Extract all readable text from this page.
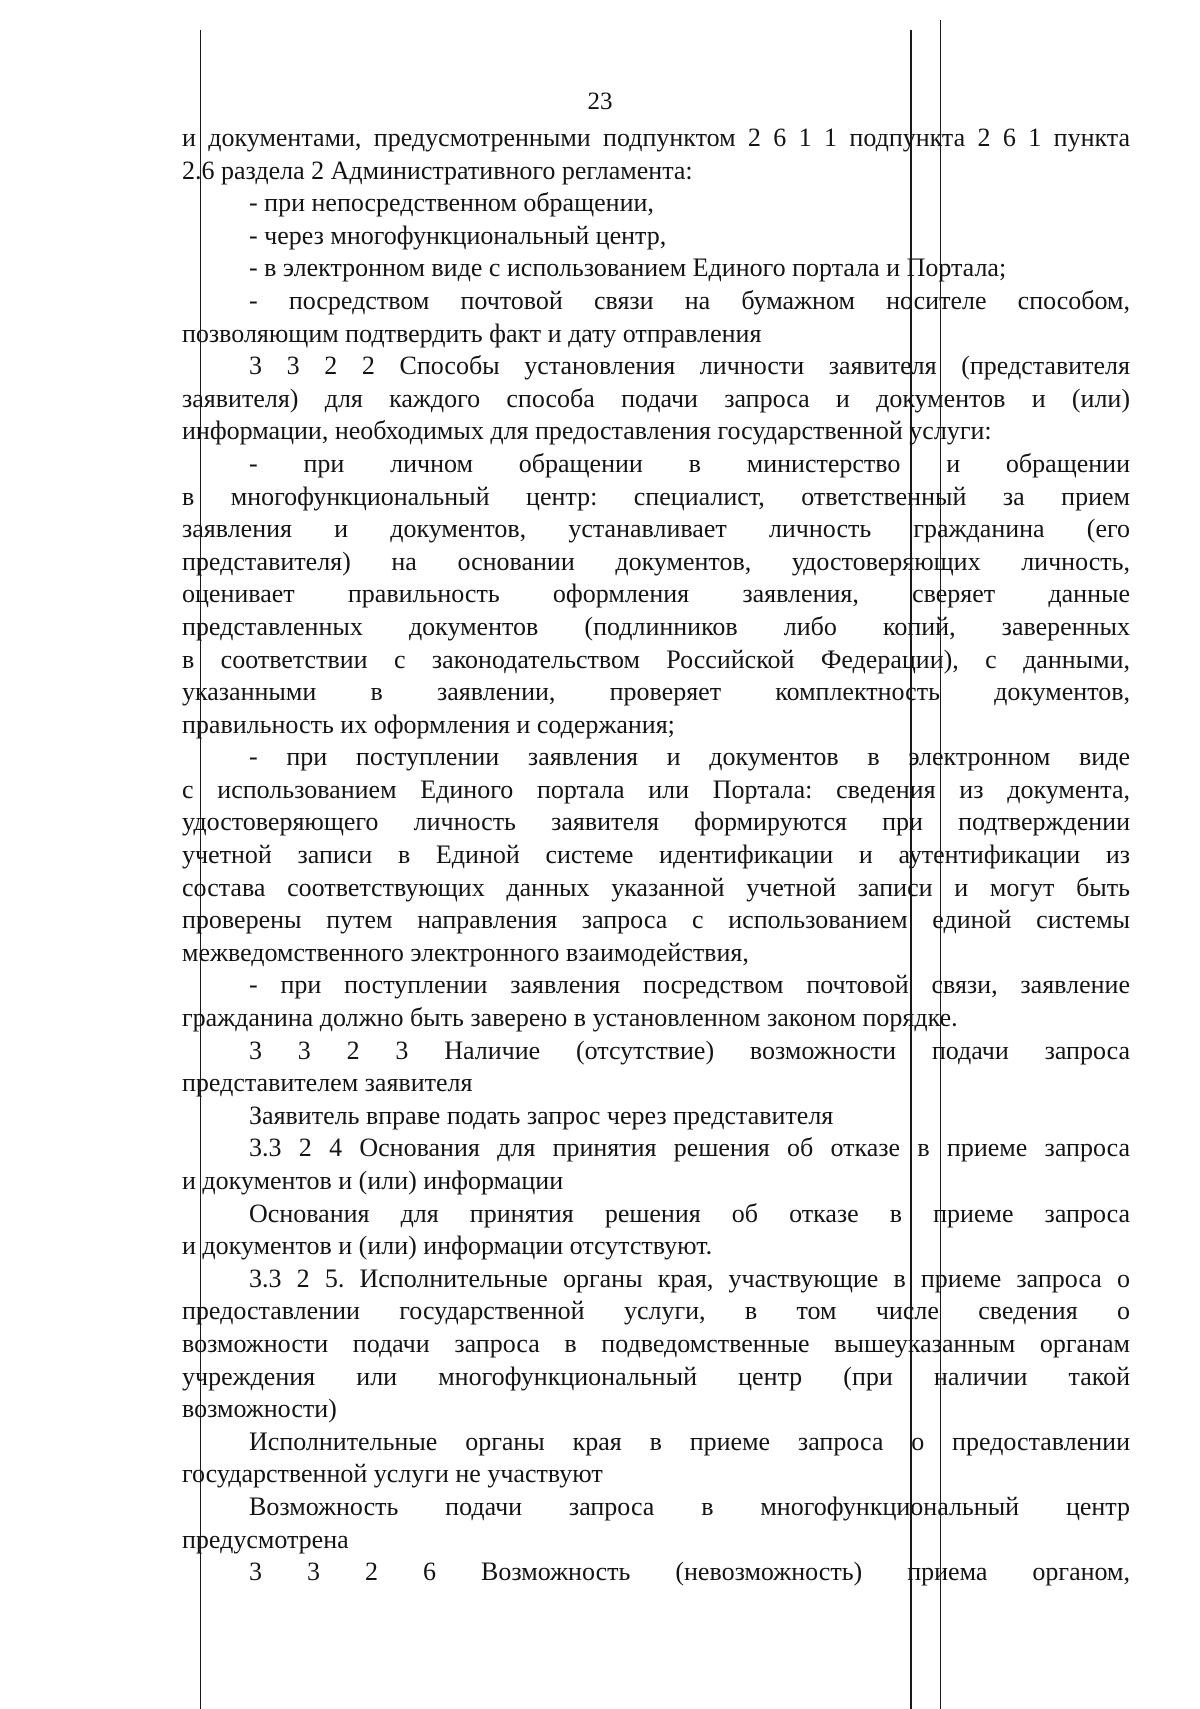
23
и документами, предусмотренными подпунктом 2 6 1 1 подпункта 2 6 1 пункта
2.6 раздела 2 Административного регламента:
- при непосредственном обращении,
- через многофункциональный центр,
- в электронном виде с использованием Единого портала и Портала;
- посредством почтовой связи на бумажном носителе способом,
позволяющим подтвердить факт и дату отправления
3 3 2 2 Способы установления личности заявителя (представителя
заявителя) для каждого способа подачи запроса и документов и (или)
информации, необходимых для предоставления государственной услуги:
- при личном обращении в министерство и обращении
в многофункциональный центр: специалист, ответственный за прием
заявления и документов, устанавливает личность гражданина (его
представителя) на основании документов, удостоверяющих личность,
оценивает правильность оформления заявления, сверяет данные
представленных документов (подлинников либо копий, заверенных
в соответствии с законодательством Российской Федерации), с данными,
указанными в заявлении, проверяет комплектность документов,
правильность их оформления и содержания;
- при поступлении заявления и документов в электронном виде
с использованием Единого портала или Портала: сведения из документа,
удостоверяющего личность заявителя формируются при подтверждении
учетной записи в Единой системе идентификации и аутентификации из
состава соответствующих данных указанной учетной записи и могут быть
проверены путем направления запроса с использованием единой системы
межведомственного электронного взаимодействия,
- при поступлении заявления посредством почтовой связи, заявление
гражданина должно быть заверено в установленном законом порядке.
3 3 2 3 Наличие (отсутствие) возможности подачи запроса
представителем заявителя
Заявитель вправе подать запрос через представителя
3.3 2 4 Основания для принятия решения об отказе в приеме запроса
и документов и (или) информации
Основания для принятия решения об отказе в приеме запроса
и документов и (или) информации отсутствуют.
3.3 2 5. Исполнительные органы края, участвующие в приеме запроса о
предоставлении государственной услуги, в том числе сведения о
возможности подачи запроса в подведомственные вышеуказанным органам
учреждения или многофункциональный центр (при наличии такой
возможности)
Исполнительные органы края в приеме запроса о предоставлении
государственной услуги не участвуют
Возможность подачи запроса в многофункциональный центр
предусмотрена
3 3 2 6 Возможность (невозможность) приема органом,
